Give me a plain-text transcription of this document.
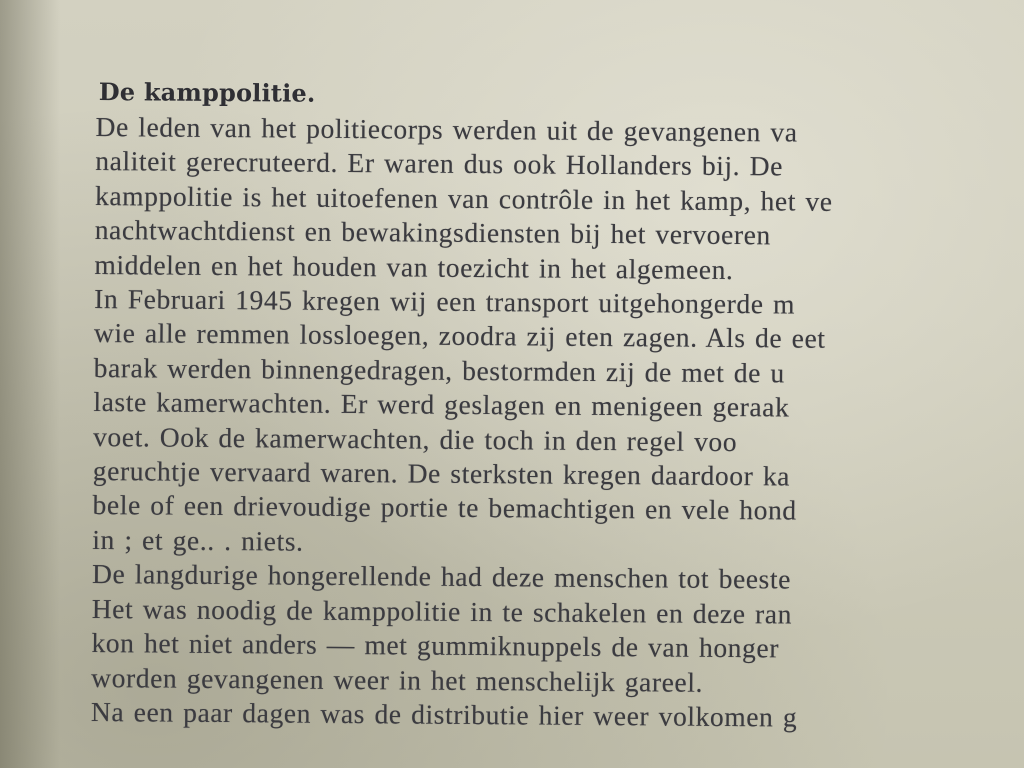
De kamppolitie.

De leden van het politiecorps werden uit de gevangenen va

naliteit gerecruteerd. Er waren dus ook Hollanders bij. De

kamppolitie is het uitoefenen van contrôle in het kamp, het ve

nachtwachtdienst en bewakingsdiensten bij het vervoeren

middelen en het houden van toezicht in het algemeen.

In Februari 1945 kregen wij een transport uitgehongerde m

wie alle remmen lossloegen, zoodra zij eten zagen. Als de eet

barak werden binnengedragen, bestormden zij de met de u

laste kamerwachten. Er werd geslagen en menigeen geraak

voet. Ook de kamerwachten, die toch in den regel voo

geruchtje vervaard waren. De sterksten kregen daardoor ka

bele of een drievoudige portie te bemachtigen en vele hond

in ; et ge.. . niets.

De langdurige hongerellende had deze menschen tot beeste

Het was noodig de kamppolitie in te schakelen en deze ran

kon het niet anders — met gummiknuppels de van honger

worden gevangenen weer in het menschelijk gareel.

Na een paar dagen was de distributie hier weer volkomen g
